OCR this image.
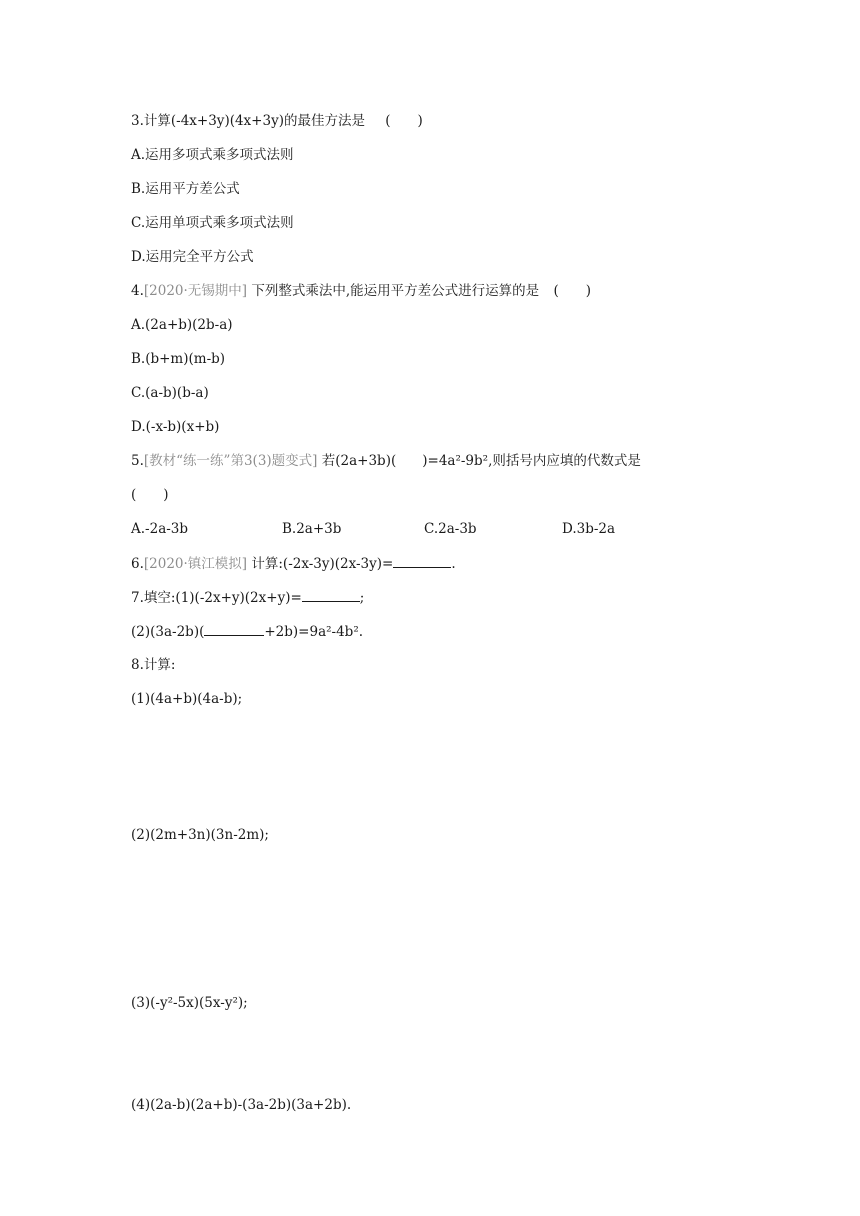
3.计算(-4x+3y)(4x+3y)的最佳方法是 (　　)
A.运用多项式乘多项式法则
B.运用平方差公式
C.运用单项式乘多项式法则
D.运用完全平方公式
4.[2020·无锡期中] 下列整式乘法中,能运用平方差公式进行运算的是 (　　)
A.(2a+b)(2b-a)
B.(b+m)(m-b)
C.(a-b)(b-a)
D.(-x-b)(x+b)
5.[教材“练一练”第3(3)题变式] 若(2a+3b)( )=4a²-9b²,则括号内应填的代数式是
(　　)
A.-2a-3b	B.2a+3b	C.2a-3b	D.3b-2a
6.[2020·镇江模拟] 计算:(-2x-3y)(2x-3y)=	.
7.填空:(1)(-2x+y)(2x+y)=	;
(2)(3a-2b)(	+2b)=9a²-4b².
8.计算:
(1)(4a+b)(4a-b);
(2)(2m+3n)(3n-2m);
(3)(-y²-5x)(5x-y²);
(4)(2a-b)(2a+b)-(3a-2b)(3a+2b).
